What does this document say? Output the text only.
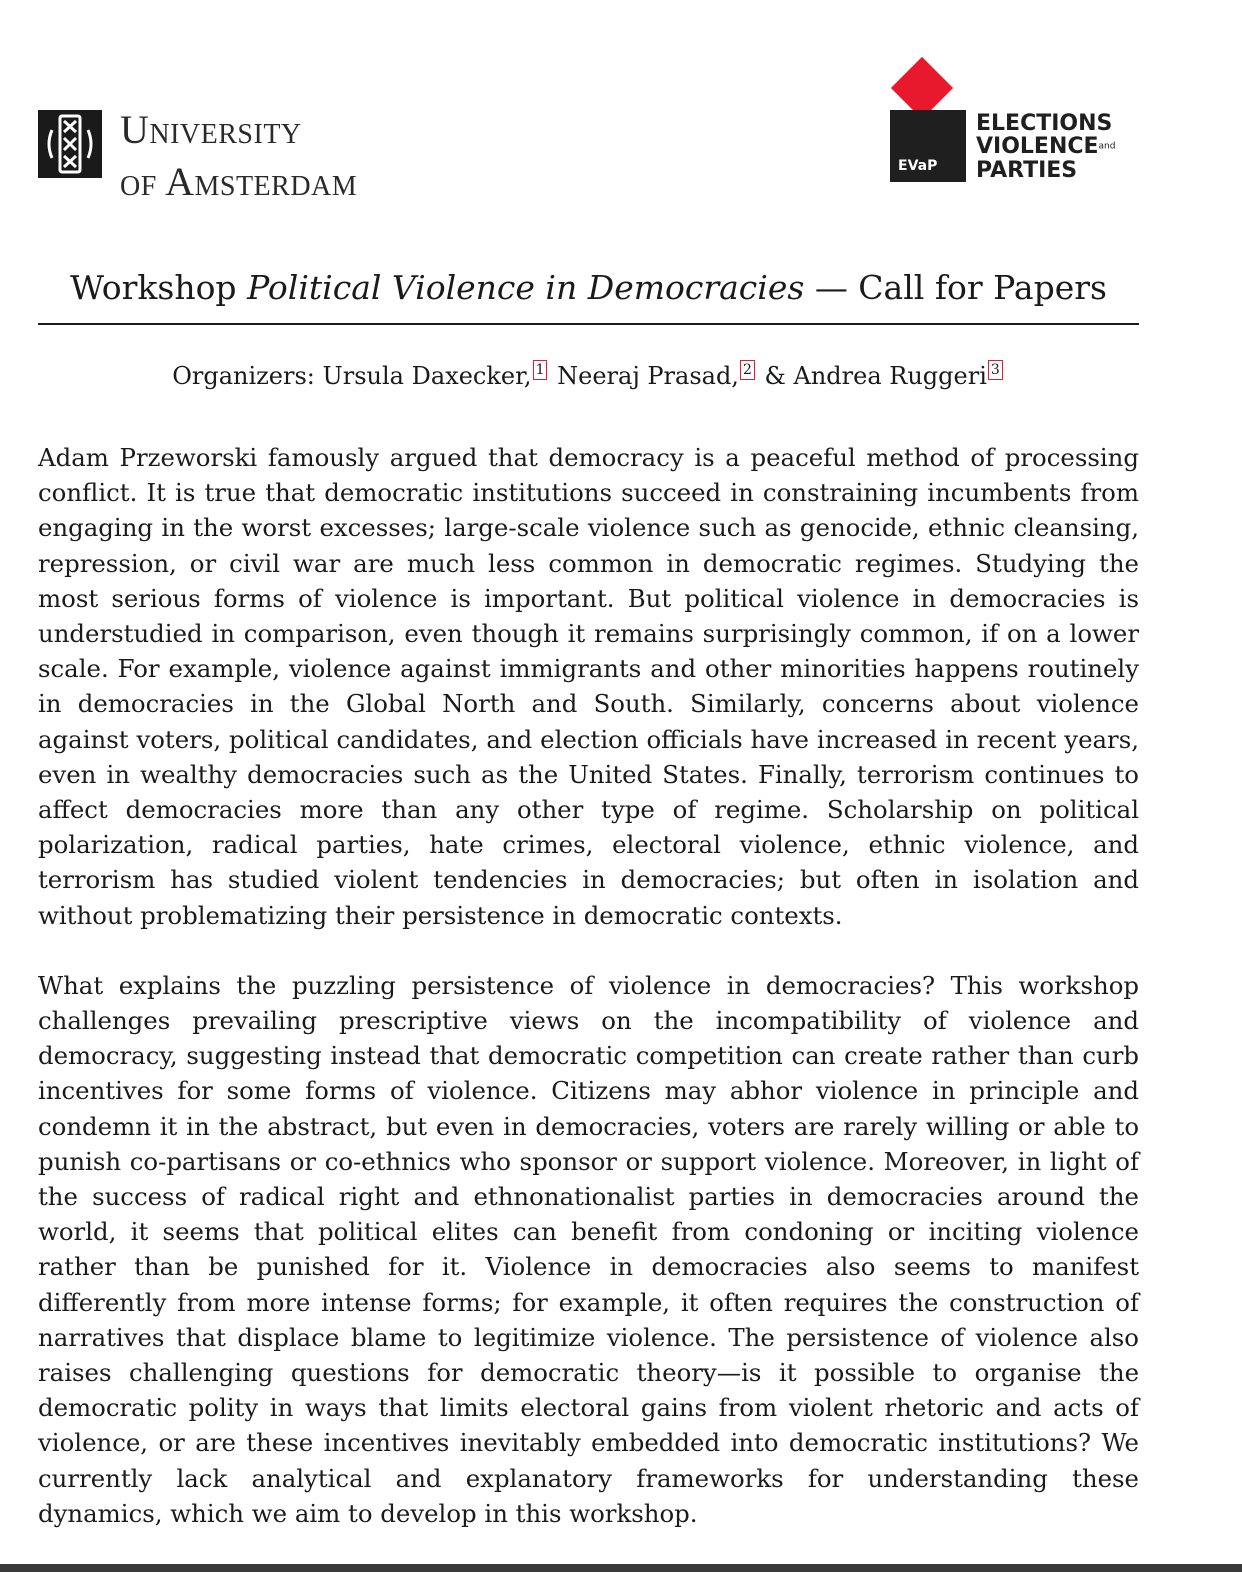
University
of Amsterdam	EVaP
ELECTIONS
VIOLENCEand
PARTIES
Workshop Political Violence in Democracies — Call for Papers
Organizers: Ursula Daxecker, 1 Neeraj Prasad, 2 & Andrea Ruggeri 3

Adam Przeworski famously argued that democracy is a peaceful method of processing conflict. It is true that democratic institutions succeed in constraining incumbents from engaging in the worst excesses; large-scale violence such as genocide, ethnic cleansing, repression, or civil war are much less common in democratic regimes. Studying the most serious forms of violence is important. But political violence in democracies is understudied in comparison, even though it remains surprisingly common, if on a lower scale. For example, violence against immigrants and other minorities happens routinely in democracies in the Global North and South. Similarly, concerns about violence against voters, political candidates, and election officials have increased in recent years, even in wealthy democracies such as the United States. Finally, terrorism continues to affect democracies more than any other type of regime. Scholarship on political polarization, radical parties, hate crimes, electoral violence, ethnic violence, and terrorism has studied violent tendencies in democracies; but often in isolation and without problematizing their persistence in democratic contexts.

What explains the puzzling persistence of violence in democracies? This workshop challenges prevailing prescriptive views on the incompatibility of violence and democracy, suggesting instead that democratic competition can create rather than curb incentives for some forms of violence. Citizens may abhor violence in principle and condemn it in the abstract, but even in democracies, voters are rarely willing or able to punish co-partisans or co-ethnics who sponsor or support violence. Moreover, in light of the success of radical right and ethnonationalist parties in democracies around the world, it seems that political elites can benefit from condoning or inciting violence rather than be punished for it. Violence in democracies also seems to manifest differently from more intense forms; for example, it often requires the construction of narratives that displace blame to legitimize violence. The persistence of violence also raises challenging questions for democratic theory—is it possible to organise the democratic polity in ways that limits electoral gains from violent rhetoric and acts of violence, or are these incentives inevitably embedded into democratic institutions? We currently lack analytical and explanatory frameworks for understanding these dynamics, which we aim to develop in this workshop.
